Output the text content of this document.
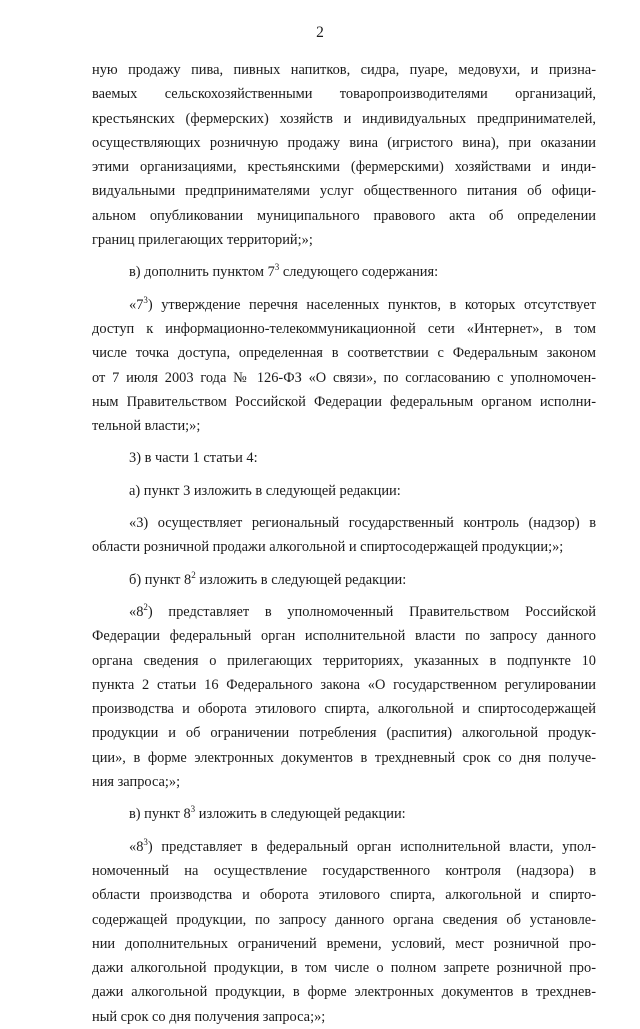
2
ную продажу пива, пивных напитков, сидра, пуаре, медовухи, и призна-
ваемых сельскохозяйственными товаропроизводителями организаций,
крестьянских (фермерских) хозяйств и индивидуальных предпринимателей,
осуществляющих розничную продажу вина (игристого вина), при оказании
этими организациями, крестьянскими (фермерскими) хозяйствами и инди-
видуальными предпринимателями услуг общественного питания об офици-
альном опубликовании муниципального правового акта об определении
границ прилегающих территорий;»;
в) дополнить пунктом $7^3$ следующего содержания:
«$7^3$) утверждение перечня населенных пунктов, в которых отсутствует
доступ к информационно-телекоммуникационной сети «Интернет», в том
числе точка доступа, определенная в соответствии с Федеральным законом
от 7 июля 2003 года № 126-ФЗ «О связи», по согласованию с уполномочен-
ным Правительством Российской Федерации федеральным органом исполни-
тельной власти;»;
3) в части 1 статьи 4:
а) пункт 3 изложить в следующей редакции:
«3) осуществляет региональный государственный контроль (надзор) в
области розничной продажи алкогольной и спиртосодержащей продукции;»;
б) пункт $8^2$ изложить в следующей редакции:
«$8^2$) представляет в уполномоченный Правительством Российской
Федерации федеральный орган исполнительной власти по запросу данного
органа сведения о прилегающих территориях, указанных в подпункте 10
пункта 2 статьи 16 Федерального закона «О государственном регулировании
производства и оборота этилового спирта, алкогольной и спиртосодержащей
продукции и об ограничении потребления (распития) алкогольной продук-
ции», в форме электронных документов в трехдневный срок со дня получе-
ния запроса;»;
в) пункт $8^3$ изложить в следующей редакции:
«$8^3$) представляет в федеральный орган исполнительной власти, упол-
номоченный на осуществление государственного контроля (надзора) в
области производства и оборота этилового спирта, алкогольной и спирто-
содержащей продукции, по запросу данного органа сведения об установле-
нии дополнительных ограничений времени, условий, мест розничной про-
дажи алкогольной продукции, в том числе о полном запрете розничной про-
дажи алкогольной продукции, в форме электронных документов в трехднев-
ный срок со дня получения запроса;»;
